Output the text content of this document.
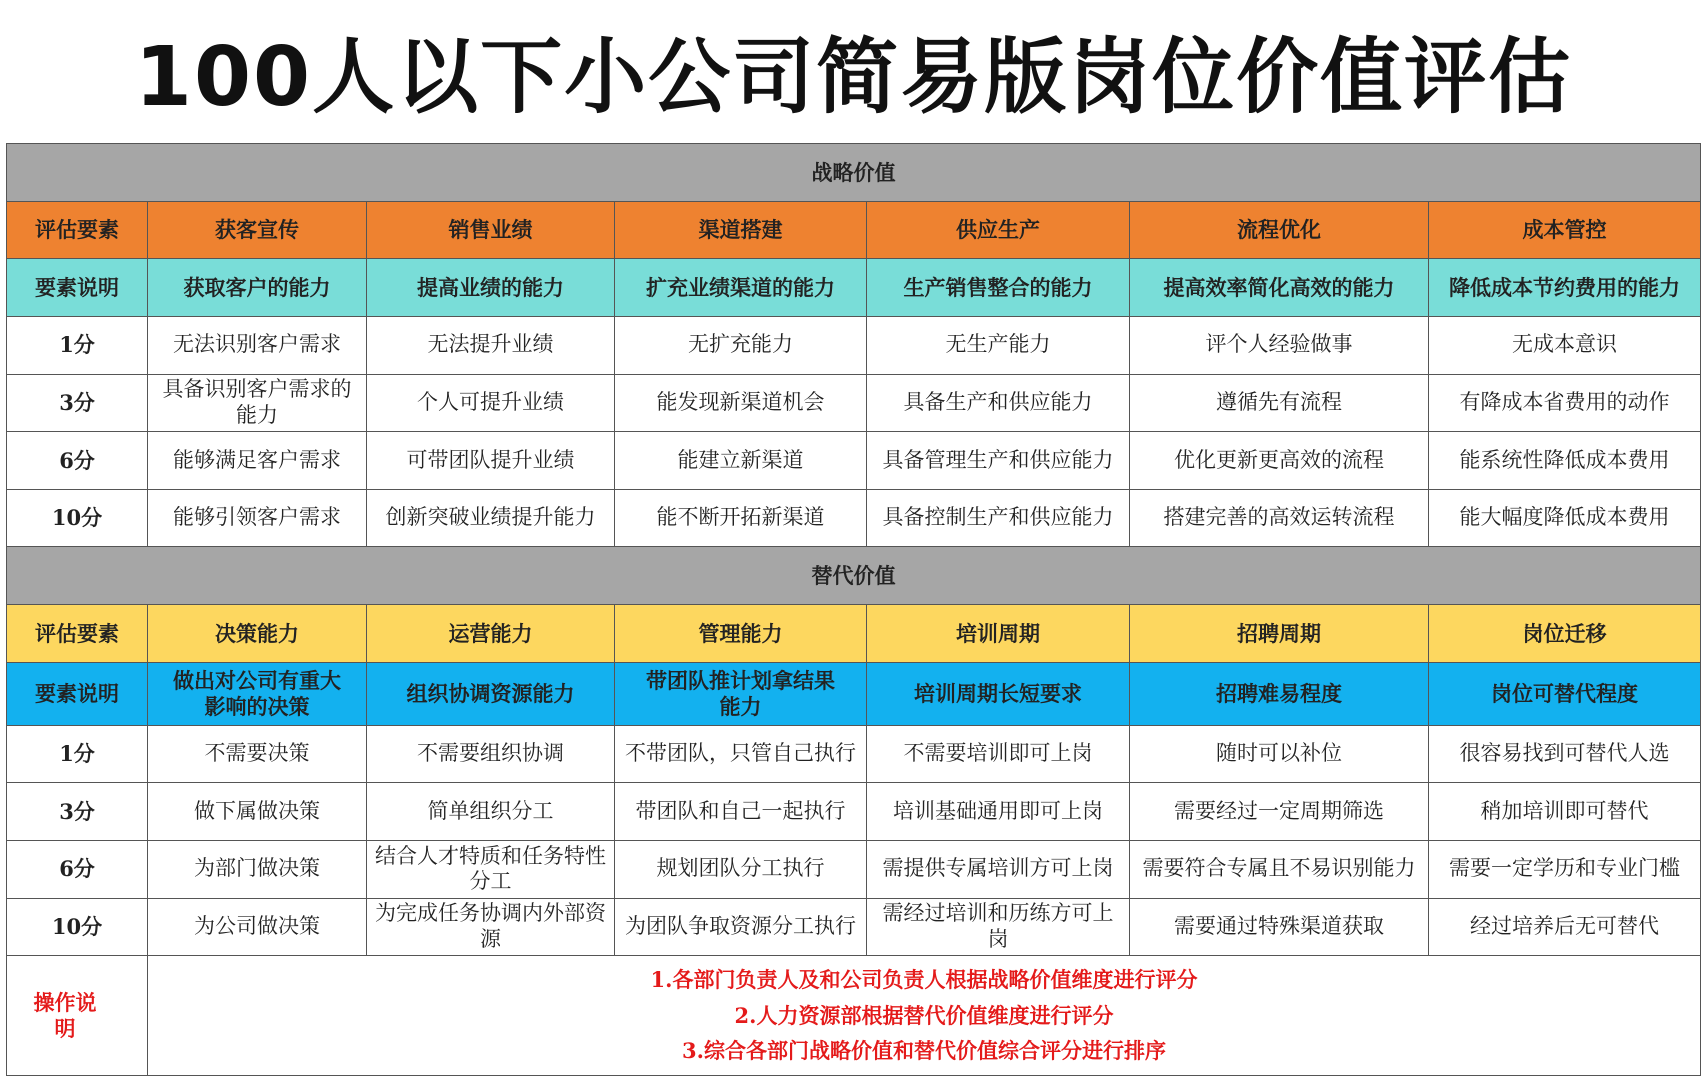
100人以下小公司简易版岗位价值评估
战略价值						
评估要素	获客宣传	销售业绩	渠道搭建	供应生产	流程优化	成本管控
要素说明	获取客户的能力	提高业绩的能力	扩充业绩渠道的能力	生产销售整合的能力	提高效率简化高效的能力	降低成本节约费用的能力
1分	无法识别客户需求	无法提升业绩	无扩充能力	无生产能力	评个人经验做事	无成本意识
3分	具备识别客户需求的能力	个人可提升业绩	能发现新渠道机会	具备生产和供应能力	遵循先有流程	有降成本省费用的动作
6分	能够满足客户需求	可带团队提升业绩	能建立新渠道	具备管理生产和供应能力	优化更新更高效的流程	能系统性降低成本费用
10分	能够引领客户需求	创新突破业绩提升能力	能不断开拓新渠道	具备控制生产和供应能力	搭建完善的高效运转流程	能大幅度降低成本费用
替代价值						
评估要素	决策能力	运营能力	管理能力	培训周期	招聘周期	岗位迁移
要素说明	做出对公司有重大影响的决策	组织协调资源能力	带团队推计划拿结果能力	培训周期长短要求	招聘难易程度	岗位可替代程度
1分	不需要决策	不需要组织协调	不带团队，只管自己执行	不需要培训即可上岗	随时可以补位	很容易找到可替代人选
3分	做下属做决策	简单组织分工	带团队和自己一起执行	培训基础通用即可上岗	需要经过一定周期筛选	稍加培训即可替代
6分	为部门做决策	结合人才特质和任务特性分工	规划团队分工执行	需提供专属培训方可上岗	需要符合专属且不易识别能力	需要一定学历和专业门槛
10分	为公司做决策	为完成任务协调内外部资源	为团队争取资源分工执行	需经过培训和历练方可上岗	需要通过特殊渠道获取	经过培养后无可替代
操作说明	1.各部门负责人及和公司负责人根据战略价值维度进行评分
2.人力资源部根据替代价值维度进行评分
3.综合各部门战略价值和替代价值综合评分进行排序					
